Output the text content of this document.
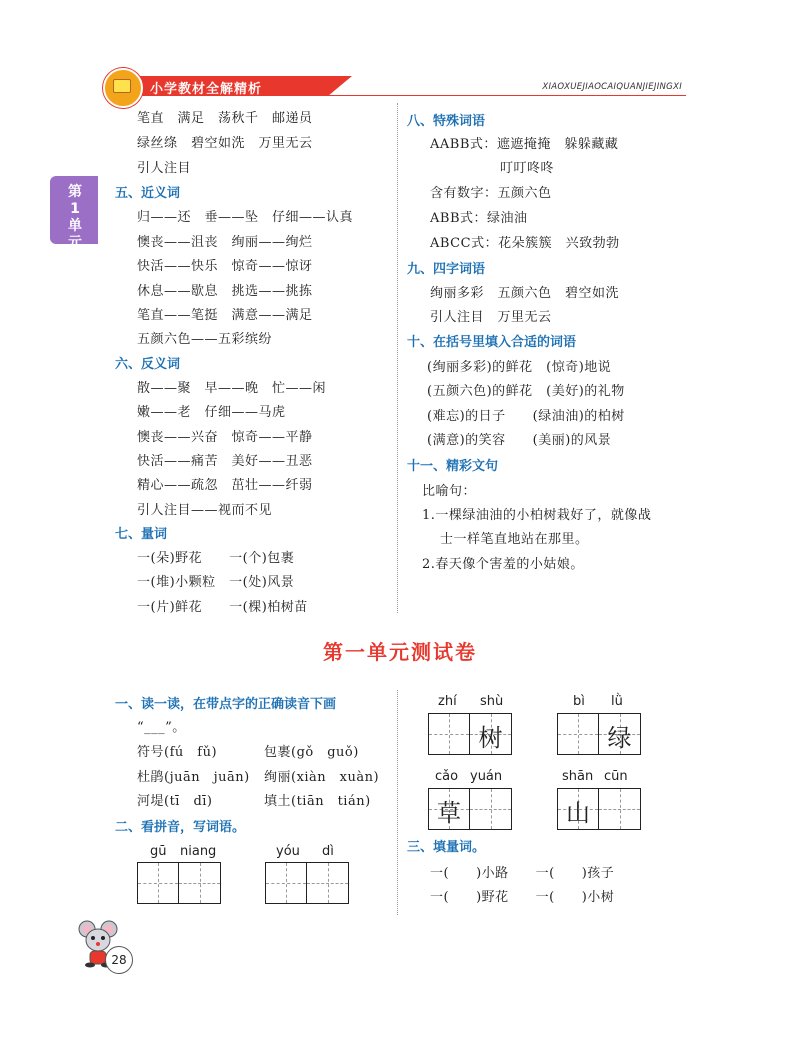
小学教材全解精析	XIAOXUEJIAOCAIQUANJIEJINGXI
第1单元
笔直　满足　荡秋千　邮递员
绿丝绦　碧空如洗　万里无云
引人注目
五、近义词
归——还　垂——坠　仔细——认真
懊丧——沮丧　绚丽——绚烂
快活——快乐　惊奇——惊讶
休息——歇息　挑选——挑拣
笔直——笔挺　满意——满足
五颜六色——五彩缤纷
六、反义词
散——聚　早——晚　忙——闲
嫩——老　仔细——马虎
懊丧——兴奋　惊奇——平静
快活——痛苦　美好——丑恶
精心——疏忽　茁壮——纤弱
引人注目——视而不见
七、量词
一(朵)野花　　一(个)包裹
一(堆)小颗粒　一(处)风景
一(片)鲜花　　一(棵)柏树苗
八、特殊词语
AABB式：遮遮掩掩　躲躲藏藏
叮叮咚咚
含有数字：五颜六色
ABB式：绿油油
ABCC式：花朵簇簇　兴致勃勃
九、四字词语
绚丽多彩　五颜六色　碧空如洗
引人注目　万里无云
十、在括号里填入合适的词语
(绚丽多彩)的鲜花　(惊奇)地说
(五颜六色)的鲜花　(美好)的礼物
(难忘)的日子　　(绿油油)的柏树
(满意)的笑容　　(美丽)的风景
十一、精彩文句
比喻句：
1.一棵绿油油的小柏树栽好了，就像战
士一样笔直地站在那里。
2.春天像个害羞的小姑娘。
第一单元测试卷
一、读一读，在带点字的正确读音下画
“___”。
符号(fú　fǔ)	包裹(gǒ　guǒ)
杜鹃(juān　juān) 绚丽(xiàn　xuàn)
河堤(tī　dī)	填土(tiān　tián)
二、看拼音，写词语。
gū niang	yóu dì
zhí shù
树
bì lǜ
绿
cǎo yuán
草
shān cūn
山
三、填量词。
一(　　)小路　　一(　　)孩子
一(　　)野花　　一(　　)小树
28
